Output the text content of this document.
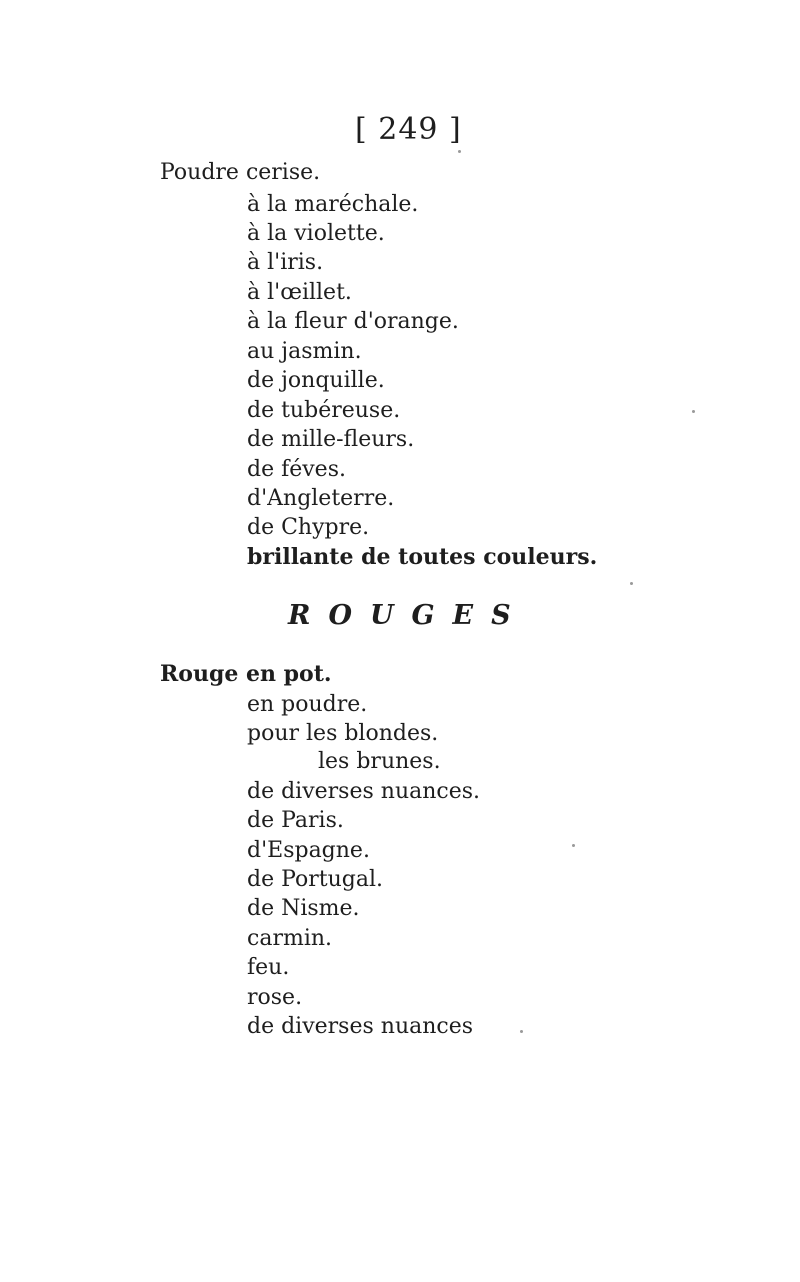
[ 249 ]
Poudre cerise.
à la maréchale.
à la violette.
à l'iris.
à l'œillet.
à la fleur d'orange.
au jasmin.
de jonquille.
de tubéreuse.
de mille-fleurs.
de féves.
d'Angleterre.
de Chypre.
brillante de toutes couleurs.
ROUGES
Rouge en pot.
en poudre.
pour les blondes.
les brunes.
de diverses nuances.
de Paris.
d'Espagne.
de Portugal.
de Nisme.
carmin.
feu.
rose.
de diverses nuances
